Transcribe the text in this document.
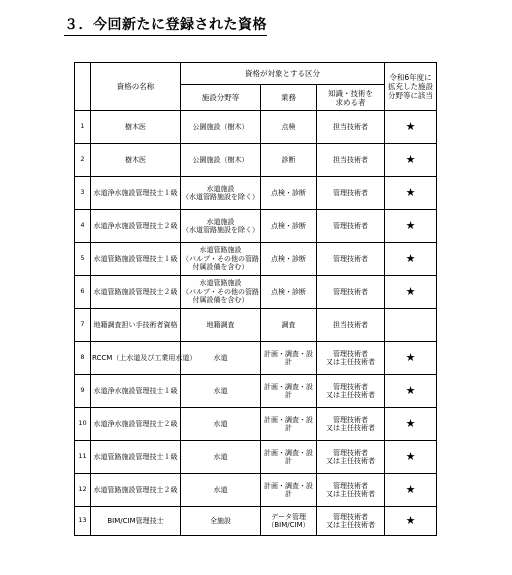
３．今回新たに登録された資格
	資格の名称	資格が対象とする区分			令和6年度に
拡充した施設
分野等に該当
		施設分野等	業務	知識・技術を
求める者	
1	樹木医	公園施設（樹木）	点検	担当技術者	★
2	樹木医	公園施設（樹木）	診断	担当技術者	★
3	水道浄水施設管理技士１級	水道施設
（水道管路施設を除く）	点検・診断	管理技術者	★
4	水道浄水施設管理技士２級	水道施設
（水道管路施設を除く）	点検・診断	管理技術者	★
5	水道管路施設管理技士１級	水道管路施設
（バルブ・その他の管路
付属設備を含む）	点検・診断	管理技術者	★
6	水道管路施設管理技士２級	水道管路施設
（バルブ・その他の管路
付属設備を含む）	点検・診断	管理技術者	★
7	地籍調査担い手技術者資格	地籍調査	調査	担当技術者	
8	RCCM（上水道及び工業用水道）	水道	計画・調査・設計	管理技術者
又は主任技術者	★
9	水道浄水施設管理技士１級	水道	計画・調査・設計	管理技術者
又は主任技術者	★
10	水道浄水施設管理技士２級	水道	計画・調査・設計	管理技術者
又は主任技術者	★
11	水道管路施設管理技士１級	水道	計画・調査・設計	管理技術者
又は主任技術者	★
12	水道管路施設管理技士２級	水道	計画・調査・設計	管理技術者
又は主任技術者	★
13	BIM/CIM管理技士	全施設	データ管理
（BIM/CIM）	管理技術者
又は主任技術者	★
